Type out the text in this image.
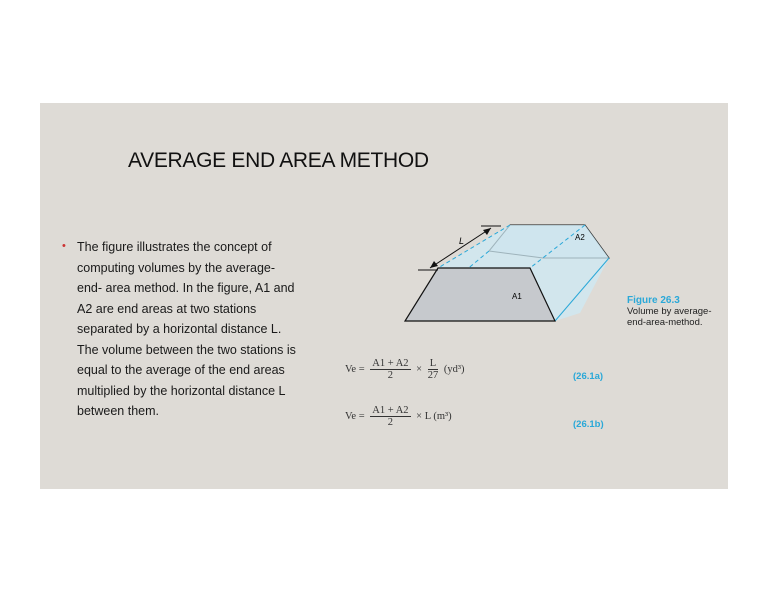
AVERAGE END AREA METHOD
• The figure illustrates the concept of computing volumes by the average-end- area method. In the figure, A1 and A2 are end areas at two stations separated by a horizontal distance L. The volume between the two stations is equal to the average of the end areas multiplied by the horizontal distance L between them.
L	A2
A1	Figure 26.3
Volume by average-end-area-method.
$Ve = \frac{A1 + A2}{2} \times \frac{L}{27} (yd^3)$
(26.1a)
$Ve = \frac{A1 + A2}{2} \times L$ (m³)
(26.1b)
